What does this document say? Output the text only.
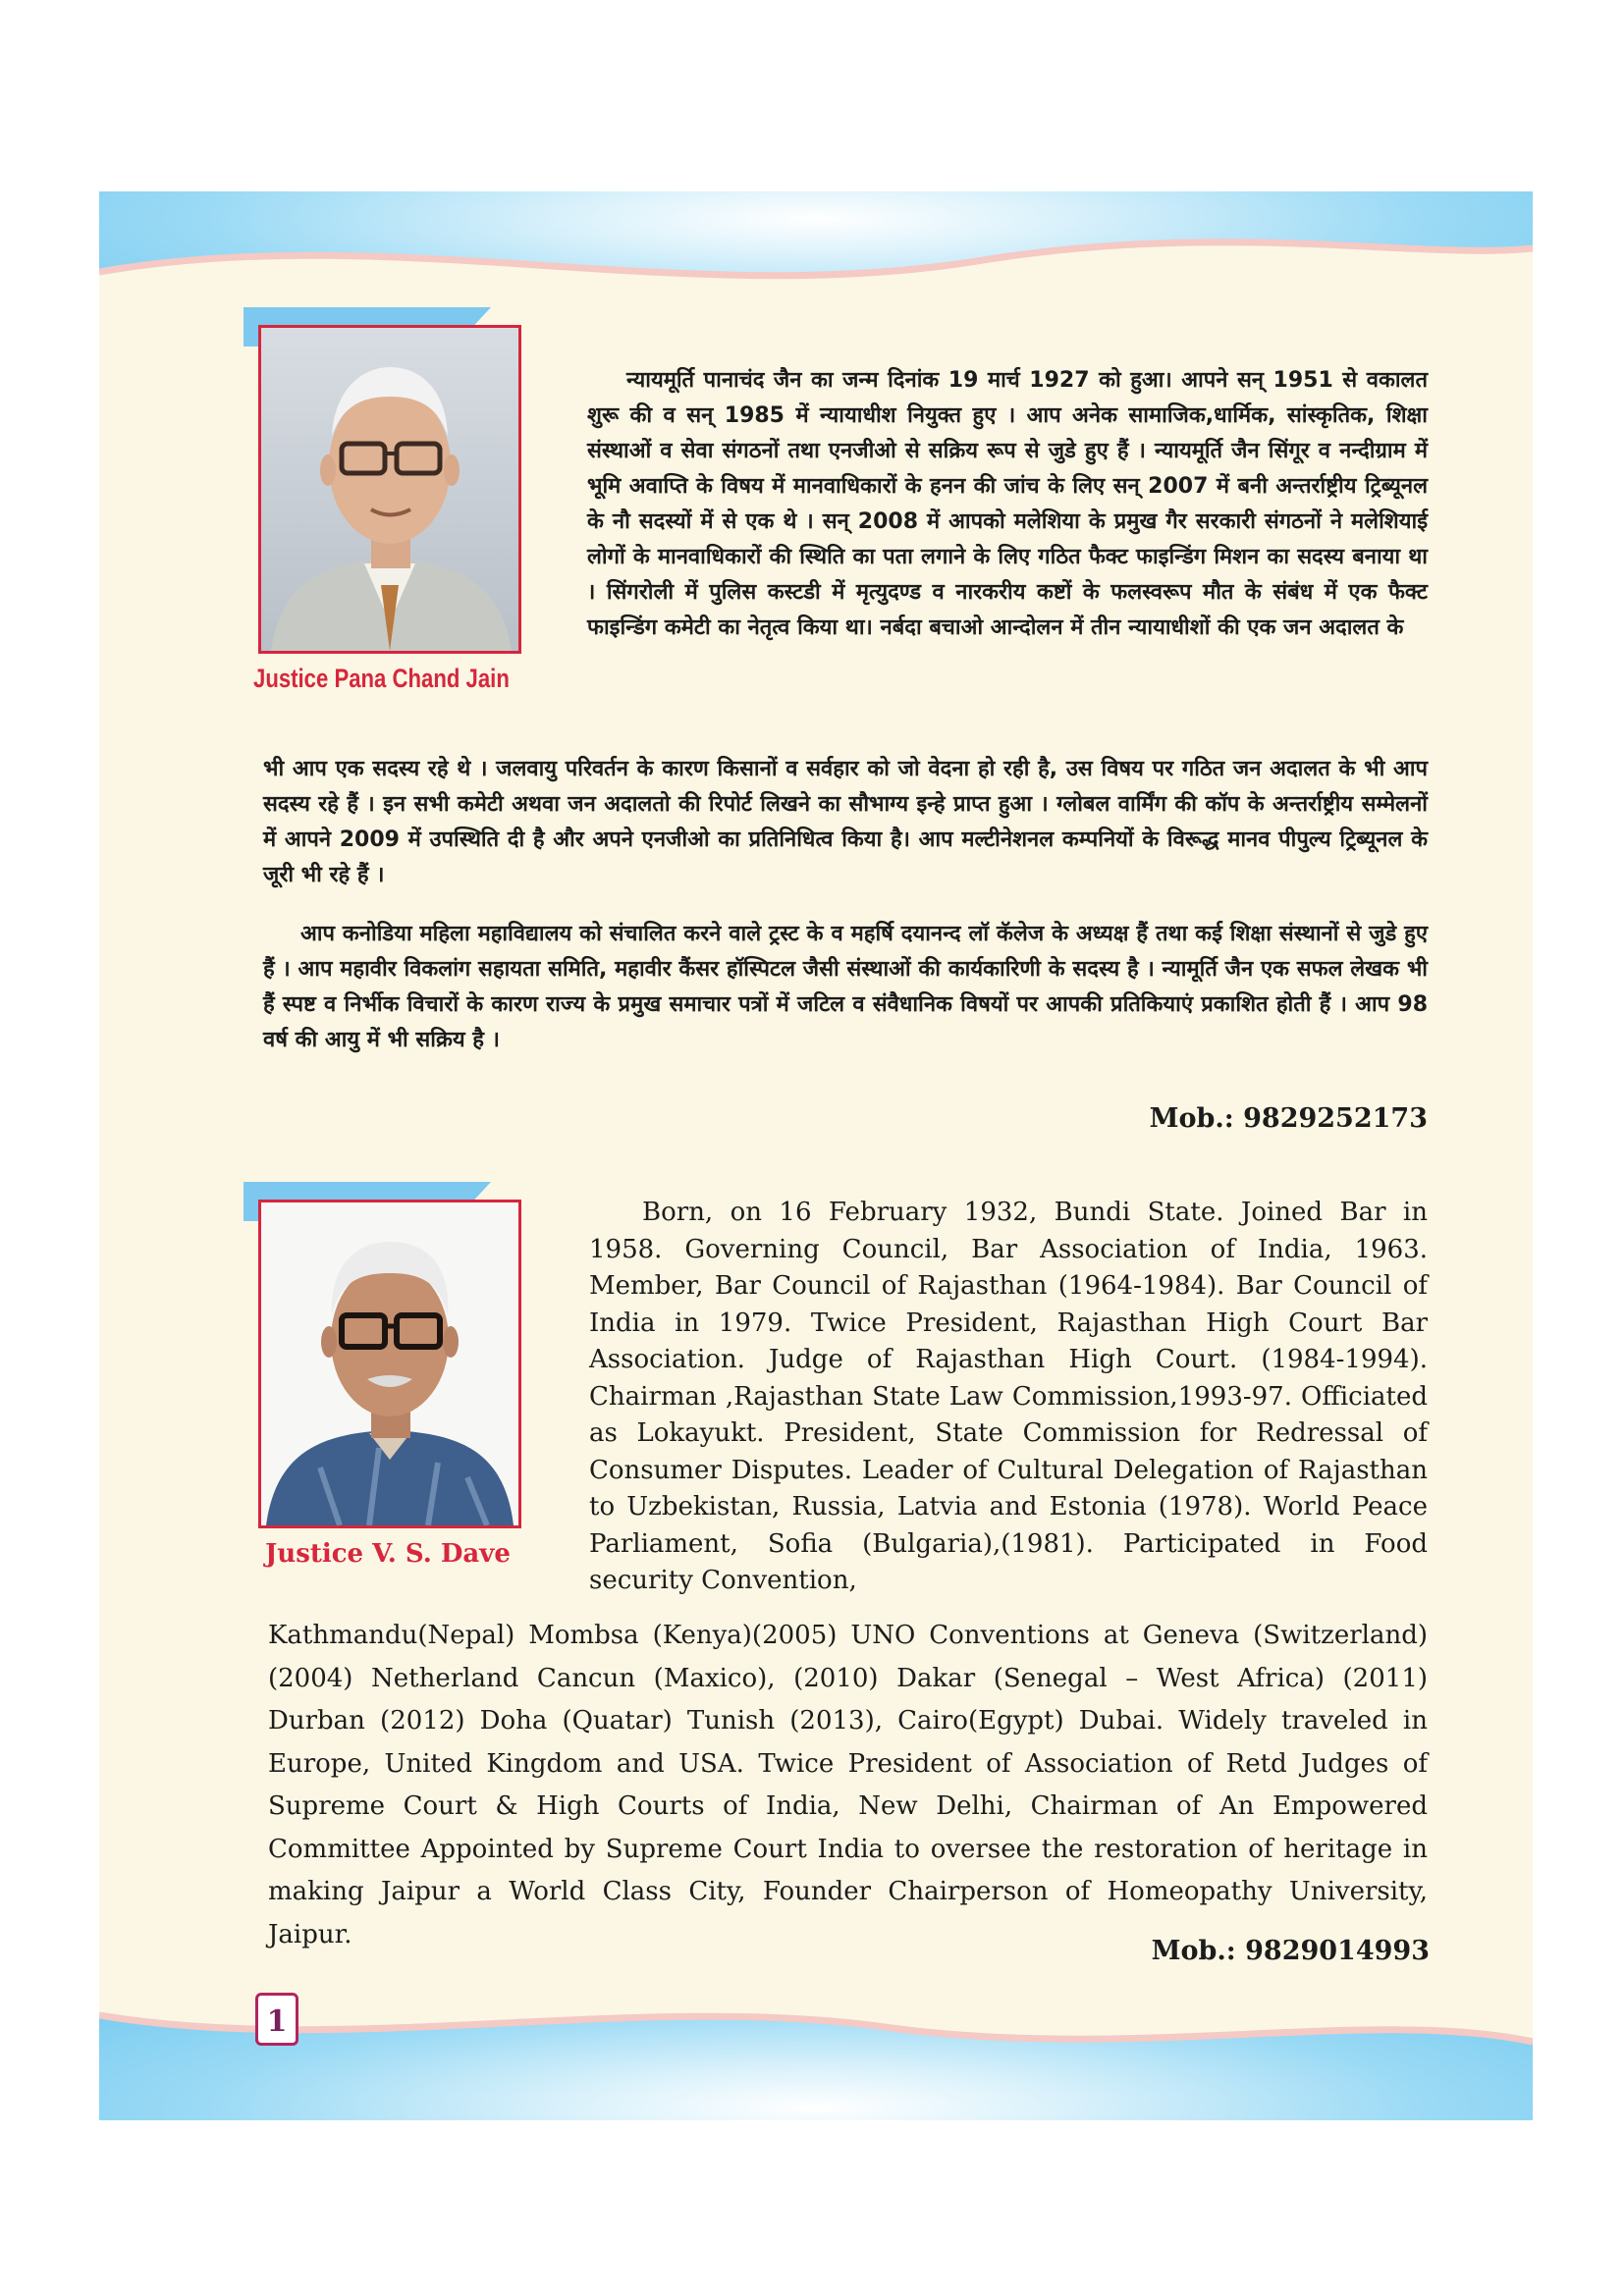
Justice Pana Chand Jain

न्यायमूर्ति पानाचंद जैन का जन्म दिनांक 19 मार्च 1927 को हुआ। आपने सन् 1951 से वकालत शुरू की व सन् 1985 में न्यायाधीश नियुक्त हुए । आप अनेक सामाजिक,धार्मिक, सांस्कृतिक, शिक्षा संस्थाओं व सेवा संगठनों तथा एनजीओ से सक्रिय रूप से जुडे हुए हैं । न्यायमूर्ति जैन सिंगूर व नन्दीग्राम में भूमि अवाप्ति के विषय में मानवाधिकारों के हनन की जांच के लिए सन् 2007 में बनी अन्तर्राष्ट्रीय ट्रिब्यूनल के नौ सदस्यों में से एक थे । सन् 2008 में आपको मलेशिया के प्रमुख गैर सरकारी संगठनों ने मलेशियाई लोगों के मानवाधिकारों की स्थिति का पता लगाने के लिए गठित फैक्ट फाइन्डिंग मिशन का सदस्य बनाया था । सिंगरोली में पुलिस कस्टडी में मृत्युदण्ड व नारकरीय कष्टों के फलस्वरूप मौत के संबंध में एक फैक्ट फाइन्डिंग कमेटी का नेतृत्व किया था। नर्बदा बचाओ आन्दोलन में तीन न्यायाधीशों की एक जन अदालत के

भी आप एक सदस्य रहे थे । जलवायु परिवर्तन के कारण किसानों व सर्वहार को जो वेदना हो रही है, उस विषय पर गठित जन अदालत के भी आप सदस्य रहे हैं । इन सभी कमेटी अथवा जन अदालतो की रिपोर्ट लिखने का सौभाग्य इन्हे प्राप्त हुआ । ग्लोबल वार्मिंग की कॉप के अन्तर्राष्ट्रीय सम्मेलनों में आपने 2009 में उपस्थिति दी है और अपने एनजीओ का प्रतिनिधित्व किया है। आप मल्टीनेशनल कम्पनियों के विरूद्ध मानव पीपुल्य ट्रिब्यूनल के जूरी भी रहे हैं ।

आप कनोडिया महिला महाविद्यालय को संचालित करने वाले ट्रस्ट के व महर्षि दयानन्द लॉ कॅलेज के अध्यक्ष हैं तथा कई शिक्षा संस्थानों से जुडे हुए हैं । आप महावीर विकलांग सहायता समिति, महावीर कैंसर हॉस्पिटल जैसी संस्थाओं की कार्यकारिणी के सदस्य है । न्यामूर्ति जैन एक सफल लेखक भी हैं स्पष्ट व निर्भीक विचारों के कारण राज्य के प्रमुख समाचार पत्रों में जटिल व संवैधानिक विषयों पर आपकी प्रतिकियाएं प्रकाशित होती हैं । आप 98 वर्ष की आयु में भी सक्रिय है ।

Mob.: 9829252173
Justice V. S. Dave

Born, on 16 February 1932, Bundi State. Joined Bar in 1958. Governing Council, Bar Association of India, 1963. Member, Bar Council of Rajasthan (1964-1984). Bar Council of India in 1979. Twice President, Rajasthan High Court Bar Association. Judge of Rajasthan High Court. (1984-1994). Chairman ,Rajasthan State Law Commission,1993-97. Officiated as Lokayukt. President, State Commission for Redressal of Consumer Disputes. Leader of Cultural Delegation of Rajasthan to Uzbekistan, Russia, Latvia and Estonia (1978). World Peace Parliament, Sofia (Bulgaria),(1981). Participated in Food security Convention,

Kathmandu(Nepal) Mombsa (Kenya)(2005) UNO Conventions at Geneva (Switzerland) (2004) Netherland Cancun (Maxico), (2010) Dakar (Senegal – West Africa) (2011) Durban (2012) Doha (Quatar) Tunish (2013), Cairo(Egypt) Dubai. Widely traveled in Europe, United Kingdom and USA. Twice President of Association of Retd Judges of Supreme Court & High Courts of India, New Delhi, Chairman of An Empowered Committee Appointed by Supreme Court India to oversee the restoration of heritage in making Jaipur a World Class City, Founder Chairperson of Homeopathy University, Jaipur.

Mob.: 9829014993
1
